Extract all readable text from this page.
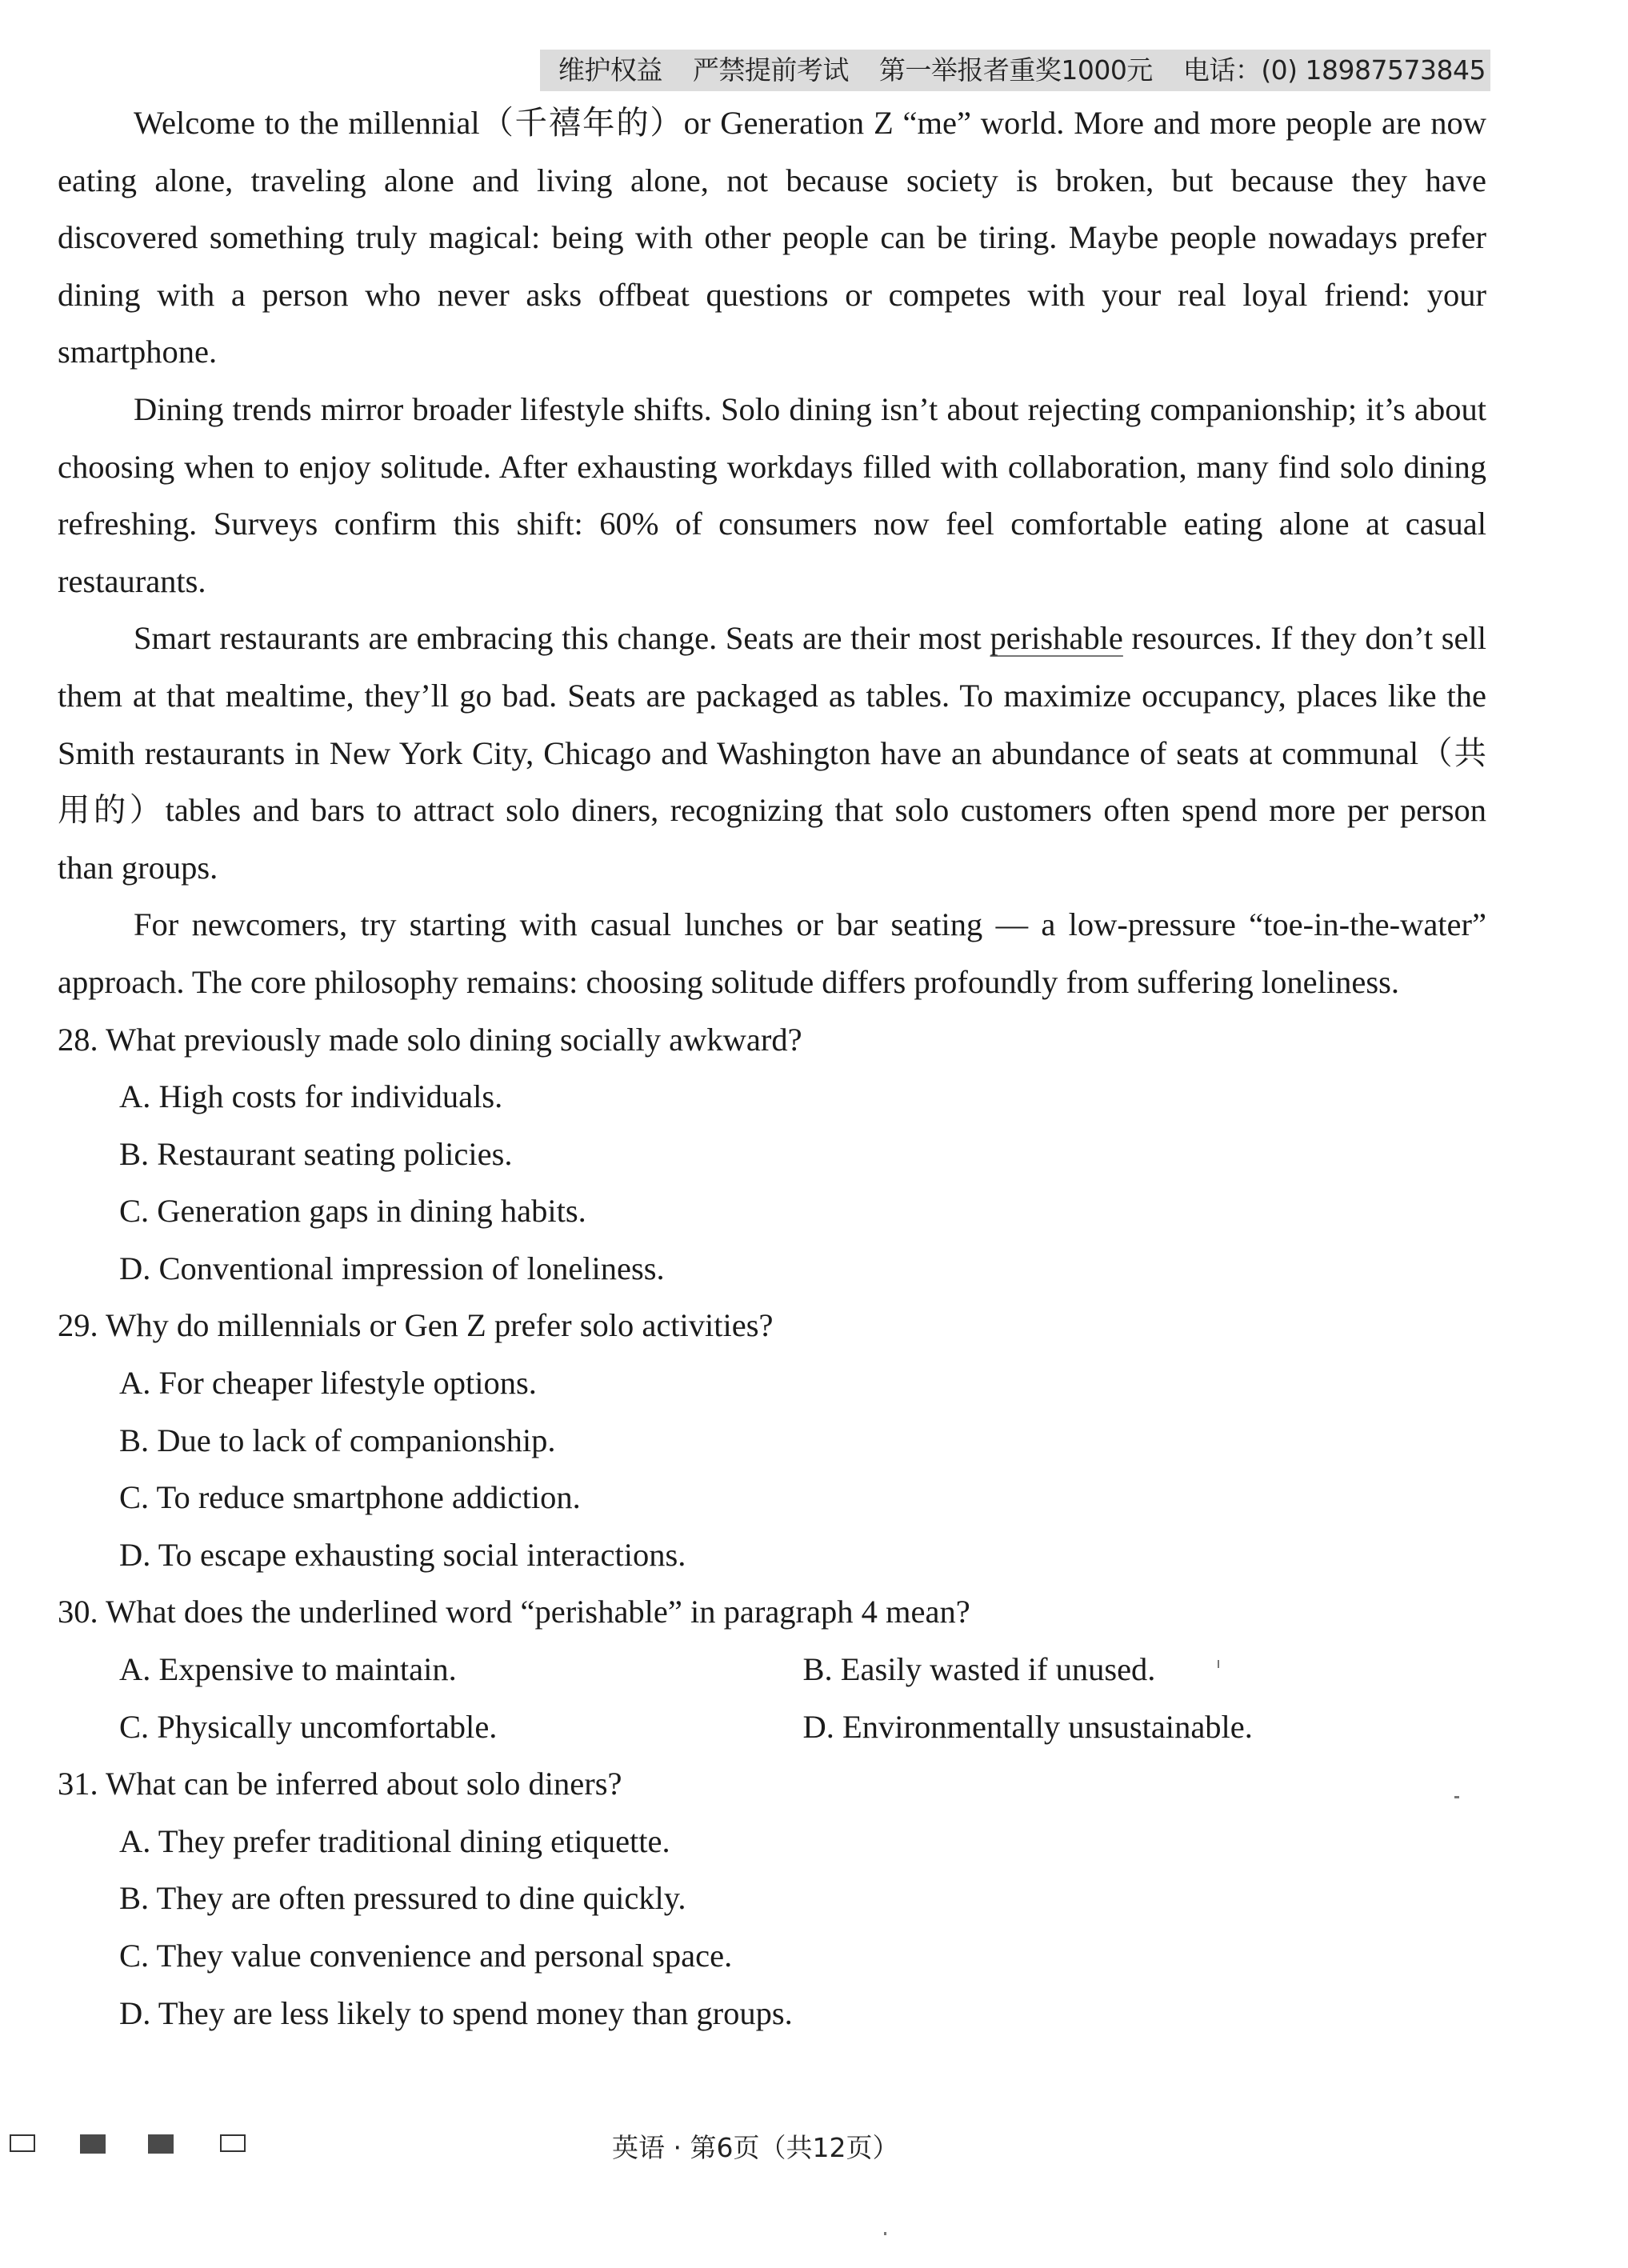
维护权益 严禁提前考试 第一举报者重奖1000元 电话：(0) 18987573845

Welcome to the millennial（千禧年的）or Generation Z “me” world. More and more people are now eating alone, traveling alone and living alone, not because society is broken, but because they have discovered something truly magical: being with other people can be tiring. Maybe people nowadays prefer dining with a person who never asks offbeat questions or competes with your real loyal friend: your smartphone.

Dining trends mirror broader lifestyle shifts. Solo dining isn’t about rejecting companionship; it’s about choosing when to enjoy solitude. After exhausting workdays filled with collaboration, many find solo dining refreshing. Surveys confirm this shift: 60% of consumers now feel comfortable eating alone at casual restaurants.

Smart restaurants are embracing this change. Seats are their most perishable resources. If they don’t sell them at that mealtime, they’ll go bad. Seats are packaged as tables. To maximize occupancy, places like the Smith restaurants in New York City, Chicago and Washington have an abundance of seats at communal（共用的）tables and bars to attract solo diners, recognizing that solo customers often spend more per person than groups.

For newcomers, try starting with casual lunches or bar seating — a low-pressure “toe-in-the-water” approach. The core philosophy remains: choosing solitude differs profoundly from suffering loneliness.

28. What previously made solo dining socially awkward?
A. High costs for individuals.
B. Restaurant seating policies.
C. Generation gaps in dining habits.
D. Conventional impression of loneliness.
29. Why do millennials or Gen Z prefer solo activities?
A. For cheaper lifestyle options.
B. Due to lack of companionship.
C. To reduce smartphone addiction.
D. To escape exhausting social interactions.
30. What does the underlined word “perishable” in paragraph 4 mean?
A. Expensive to maintain.	B. Easily wasted if unused.
C. Physically uncomfortable.	D. Environmentally unsustainable.
31. What can be inferred about solo diners?
A. They prefer traditional dining etiquette.
B. They are often pressured to dine quickly.
C. They value convenience and personal space.
D. They are less likely to spend money than groups.
英语 · 第6页（共12页）
